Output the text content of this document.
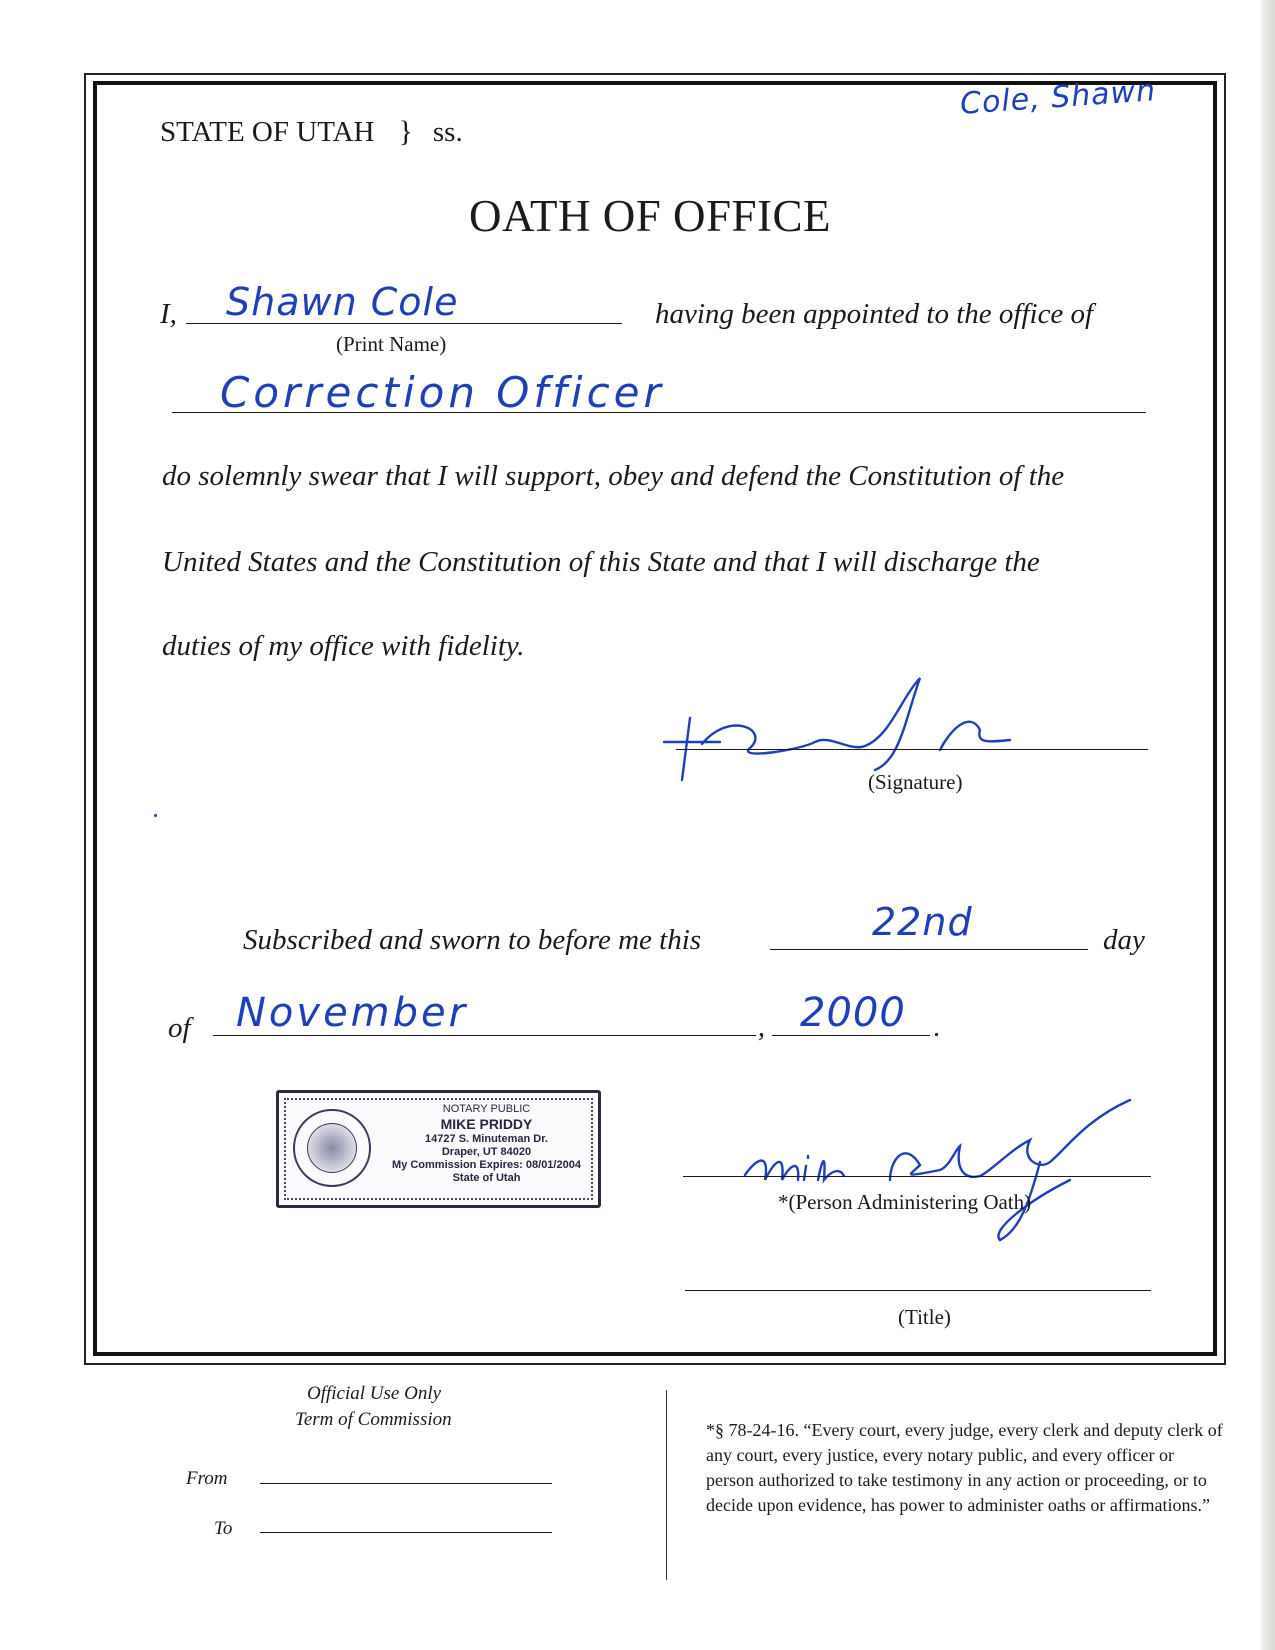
Cole, Shawn
STATE OF UTAH } ss.
OATH OF OFFICE
I, Shawn Cole	having been appointed to the office of
(Print Name)
Correction Officer
do solemnly swear that I will support, obey and defend the Constitution of the
United States and the Constitution of this State and that I will discharge the
duties of my office with fidelity.
(Signature)
Subscribed and sworn to before me this	22nd	day
of November	, 2000 .
NOTARY PUBLIC
MIKE PRIDDY
14727 S. Minuteman Dr.
Draper, UT 84020
My Commission Expires: 08/01/2004
State of Utah
*(Person Administering Oath)
(Title)
Official Use Only
Term of Commission
From
To
*§ 78-24-16. “Every court, every judge, every clerk and deputy clerk of any court, every justice, every notary public, and every officer or person authorized to take testimony in any action or proceeding, or to decide upon evidence, has power to administer oaths or affirmations.”
